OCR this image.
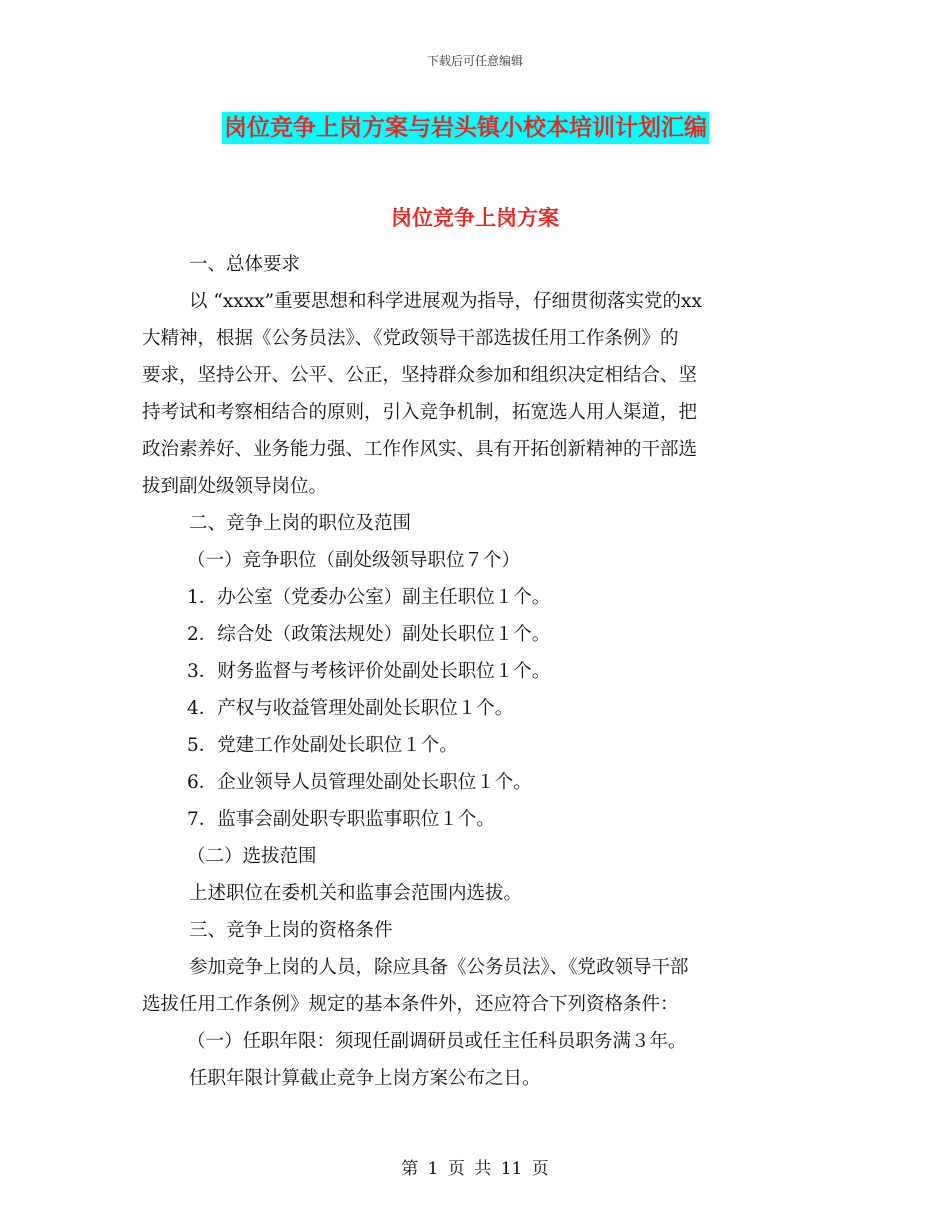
下载后可任意编辑
岗位竞争上岗方案与岩头镇小校本培训计划汇编
岗位竞争上岗方案

一、总体要求

以 “xxxx”重要思想和科学进展观为指导，仔细贯彻落实党的xx

大精神，根据《公务员法》、《党政领导干部选拔任用工作条例》的

要求，坚持公开、公平、公正，坚持群众参加和组织决定相结合、坚

持考试和考察相结合的原则，引入竞争机制，拓宽选人用人渠道，把

政治素养好、业务能力强、工作作风实、具有开拓创新精神的干部选

拔到副处级领导岗位。

二、竞争上岗的职位及范围

（一）竞争职位（副处级领导职位７个）

1．办公室（党委办公室）副主任职位１个。

2．综合处（政策法规处）副处长职位１个。

3．财务监督与考核评价处副处长职位１个。

4．产权与收益管理处副处长职位１个。

5．党建工作处副处长职位１个。

6．企业领导人员管理处副处长职位１个。

7．监事会副处职专职监事职位１个。

（二）选拔范围

上述职位在委机关和监事会范围内选拔。

三、竞争上岗的资格条件

参加竞争上岗的人员，除应具备《公务员法》、《党政领导干部

选拔任用工作条例》规定的基本条件外，还应符合下列资格条件：

（一）任职年限：须现任副调研员或任主任科员职务满３年。

任职年限计算截止竞争上岗方案公布之日。

第 1 页 共 11 页
